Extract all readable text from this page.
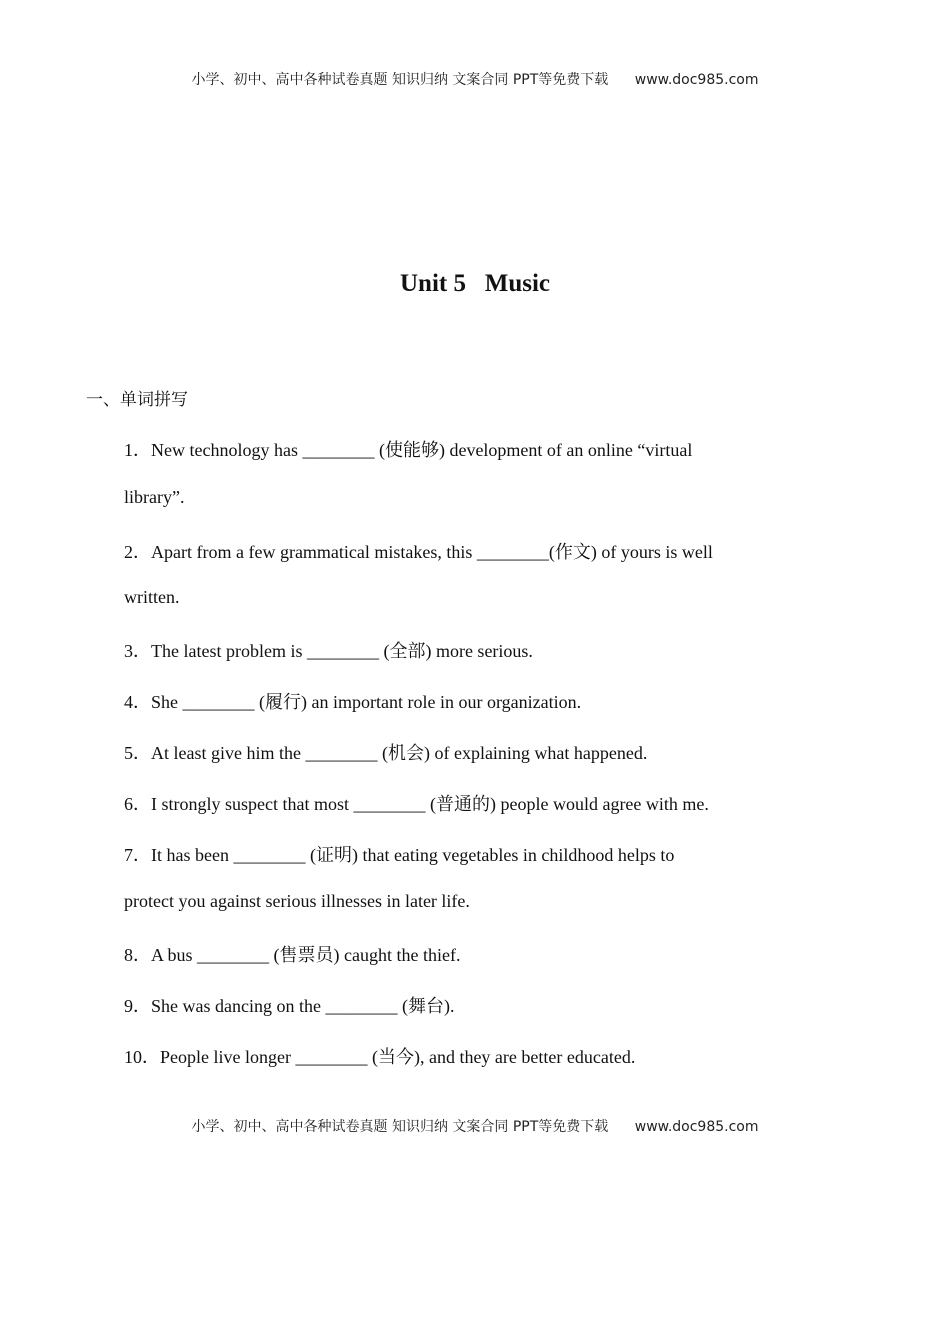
小学、初中、高中各种试卷真题 知识归纳 文案合同 PPT等免费下载 www.doc985.com
Unit 5   Music
一、单词拼写
1．New technology has ________ (使能够) development of an online “virtual
library”.
2．Apart from a few grammatical mistakes, this ________(作文) of yours is well
written.
3．The latest problem is ________ (全部) more serious.
4．She ________ (履行) an important role in our organization.
5．At least give him the ________ (机会) of explaining what happened.
6．I strongly suspect that most ________ (普通的) people would agree with me.
7．It has been ________ (证明) that eating vegetables in childhood helps to
protect you against serious illnesses in later life.
8．A bus ________ (售票员) caught the thief.
9．She was dancing on the ________ (舞台).
10．People live longer ________ (当今), and they are better educated.
小学、初中、高中各种试卷真题 知识归纳 文案合同 PPT等免费下载 www.doc985.com
